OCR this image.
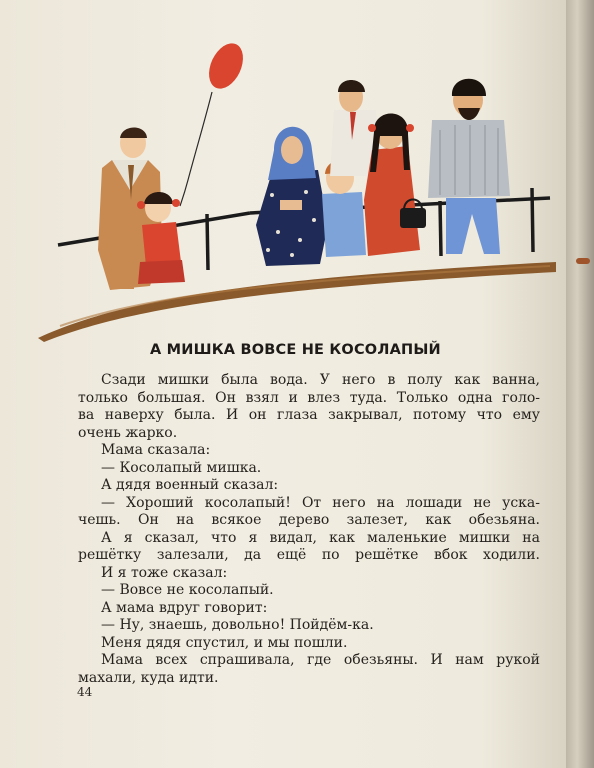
А МИШКА ВОВСЕ НЕ КОСОЛАПЫЙ
Сзади мишки была вода. У него в полу как ванна,
только большая. Он взял и влез туда. Только одна голо-
ва наверху была. И он глаза закрывал, потому что ему
очень жарко.
Мама сказала:
— Косолапый мишка.
А дядя военный сказал:
— Хороший косолапый! От него на лошади не уска-
чешь. Он на всякое дерево залезет, как обезьяна.
А я сказал, что я видал, как маленькие мишки на
решётку залезали, да ещё по решётке вбок ходили.
И я тоже сказал:
— Вовсе не косолапый.
А мама вдруг говорит:
— Ну, знаешь, довольно! Пойдём-ка.
Меня дядя спустил, и мы пошли.
Мама всех спрашивала, где обезьяны. И нам рукой
махали, куда идти.
44
